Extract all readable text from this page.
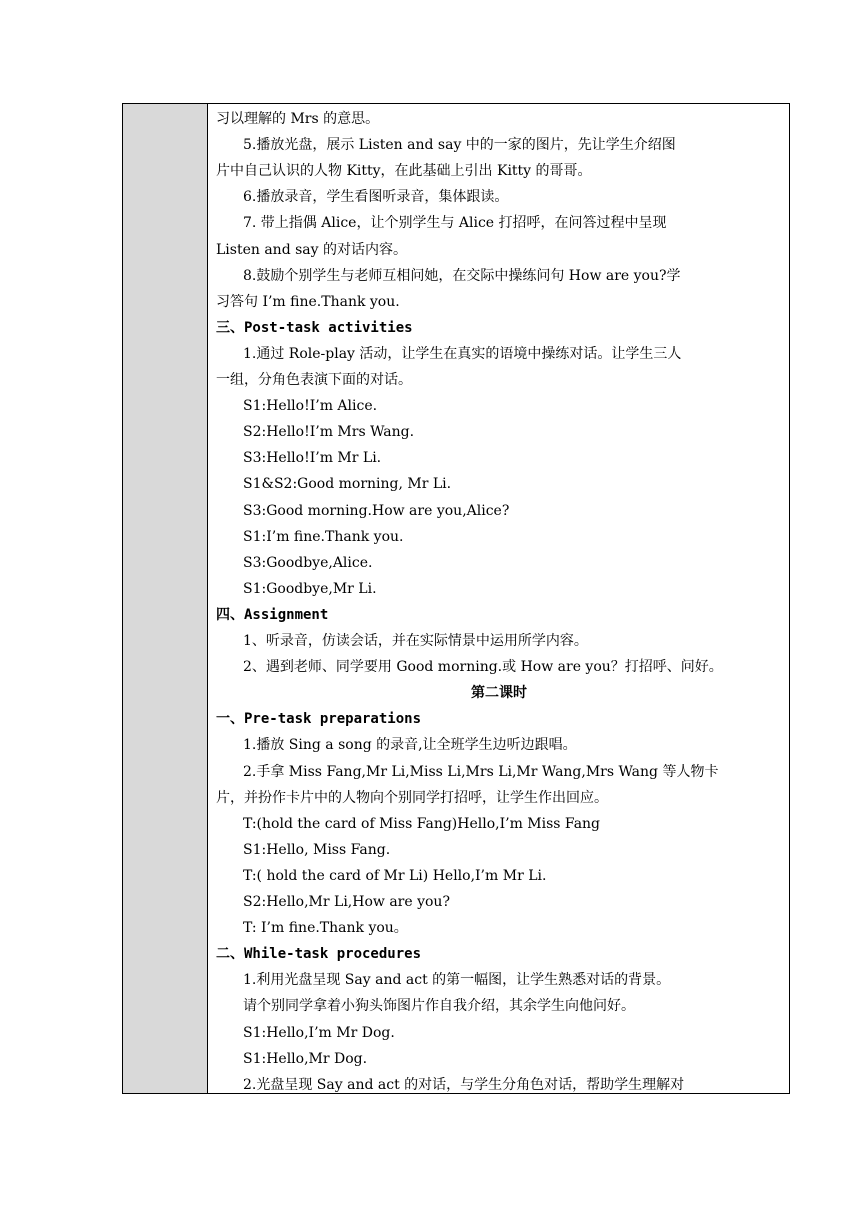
习以理解的 Mrs 的意思。
5.播放光盘，展示 Listen and say 中的一家的图片，先让学生介绍图
片中自己认识的人物 Kitty，在此基础上引出 Kitty 的哥哥。
6.播放录音，学生看图听录音，集体跟读。
7. 带上指偶 Alice，让个别学生与 Alice 打招呼，在问答过程中呈现
Listen and say 的对话内容。
8.鼓励个别学生与老师互相问她，在交际中操练问句 How are you?学
习答句 I’m fine.Thank you.
三、Post-task activities
1.通过 Role-play 活动，让学生在真实的语境中操练对话。让学生三人
一组，分角色表演下面的对话。
S1:Hello!I’m Alice.
S2:Hello!I’m Mrs Wang.
S3:Hello!I’m Mr Li.
S1&S2:Good morning, Mr Li.
S3:Good morning.How are you,Alice?
S1:I’m fine.Thank you.
S3:Goodbye,Alice.
S1:Goodbye,Mr Li.
四、Assignment
1、听录音，仿读会话，并在实际情景中运用所学内容。
2、遇到老师、同学要用 Good morning.或 How are you？打招呼、问好。
第二课时
一、Pre-task preparations
1.播放 Sing a song 的录音,让全班学生边听边跟唱。
2.手拿 Miss Fang,Mr Li,Miss Li,Mrs Li,Mr Wang,Mrs Wang 等人物卡
片，并扮作卡片中的人物向个别同学打招呼，让学生作出回应。
T:(hold the card of Miss Fang)Hello,I’m Miss Fang
S1:Hello, Miss Fang.
T:( hold the card of Mr Li) Hello,I’m Mr Li.
S2:Hello,Mr Li,How are you?
T: I’m fine.Thank you。
二、While-task procedures
1.利用光盘呈现 Say and act 的第一幅图，让学生熟悉对话的背景。
请个别同学拿着小狗头饰图片作自我介绍，其余学生向他问好。
S1:Hello,I’m Mr Dog.
S1:Hello,Mr Dog.
2.光盘呈现 Say and act 的对话，与学生分角色对话，帮助学生理解对
